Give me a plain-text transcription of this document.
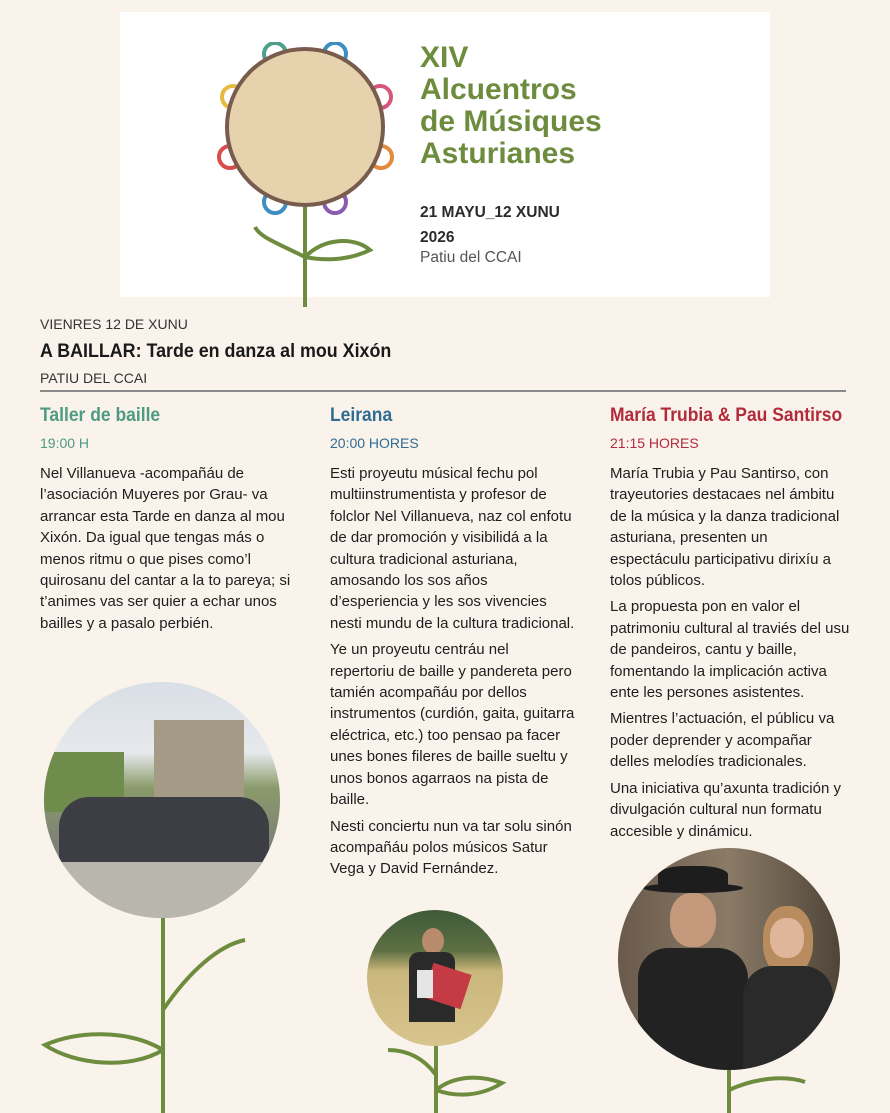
XIV
Alcuentros
de Músiques
Asturianes
21 MAYU_12 XUNU
2026
Patiu del CCAI
VIENRES 12 DE XUNU
A BAILLAR: Tarde en danza al mou Xixón
PATIU DEL CCAI
Taller de baille
19:00 H

Nel Villanueva -acompañáu de l’asociación Muyeres por Grau- va arrancar esta Tarde en danza al mou Xixón. Da igual que tengas más o menos ritmu o que pises como’l quirosanu del cantar a la to pareya; si t’animes vas ser quier a echar unos bailles y a pasalo perbién.

Leirana
20:00 HORES

Esti proyeutu músical fechu pol multiinstrumentista y profesor de folclor Nel Villanueva, naz col enfotu de dar promoción y visibilidá a la cultura tradicional asturiana, amosando los sos años d’esperiencia y les sos vivencies nesti mundu de la cultura tradicional.

Ye un proyeutu centráu nel repertoriu de baille y pandereta pero tamién acompañáu por dellos instrumentos (curdión, gaita, guitarra eléctrica, etc.) too pensao pa facer unes bones fileres de baille sueltu y unos bonos agarraos na pista de baille.

Nesti conciertu nun va tar solu sinón acompañáu polos músicos Satur Vega y David Fernández.

María Trubia & Pau Santirso
21:15 HORES

María Trubia y Pau Santirso, con trayeutories destacaes nel ámbitu de la música y la danza tradicional asturiana, presenten un espectáculu participativu dirixíu a tolos públicos.

La propuesta pon en valor el patrimoniu cultural al traviés del usu de pandeiros, cantu y baille, fomentando la implicación activa ente les persones asistentes.

Mientres l’actuación, el públicu va poder deprender y acompañar delles melodíes tradicionales.

Una iniciativa qu’axunta tradición y divulgación cultural nun formatu accesible y dinámicu.
